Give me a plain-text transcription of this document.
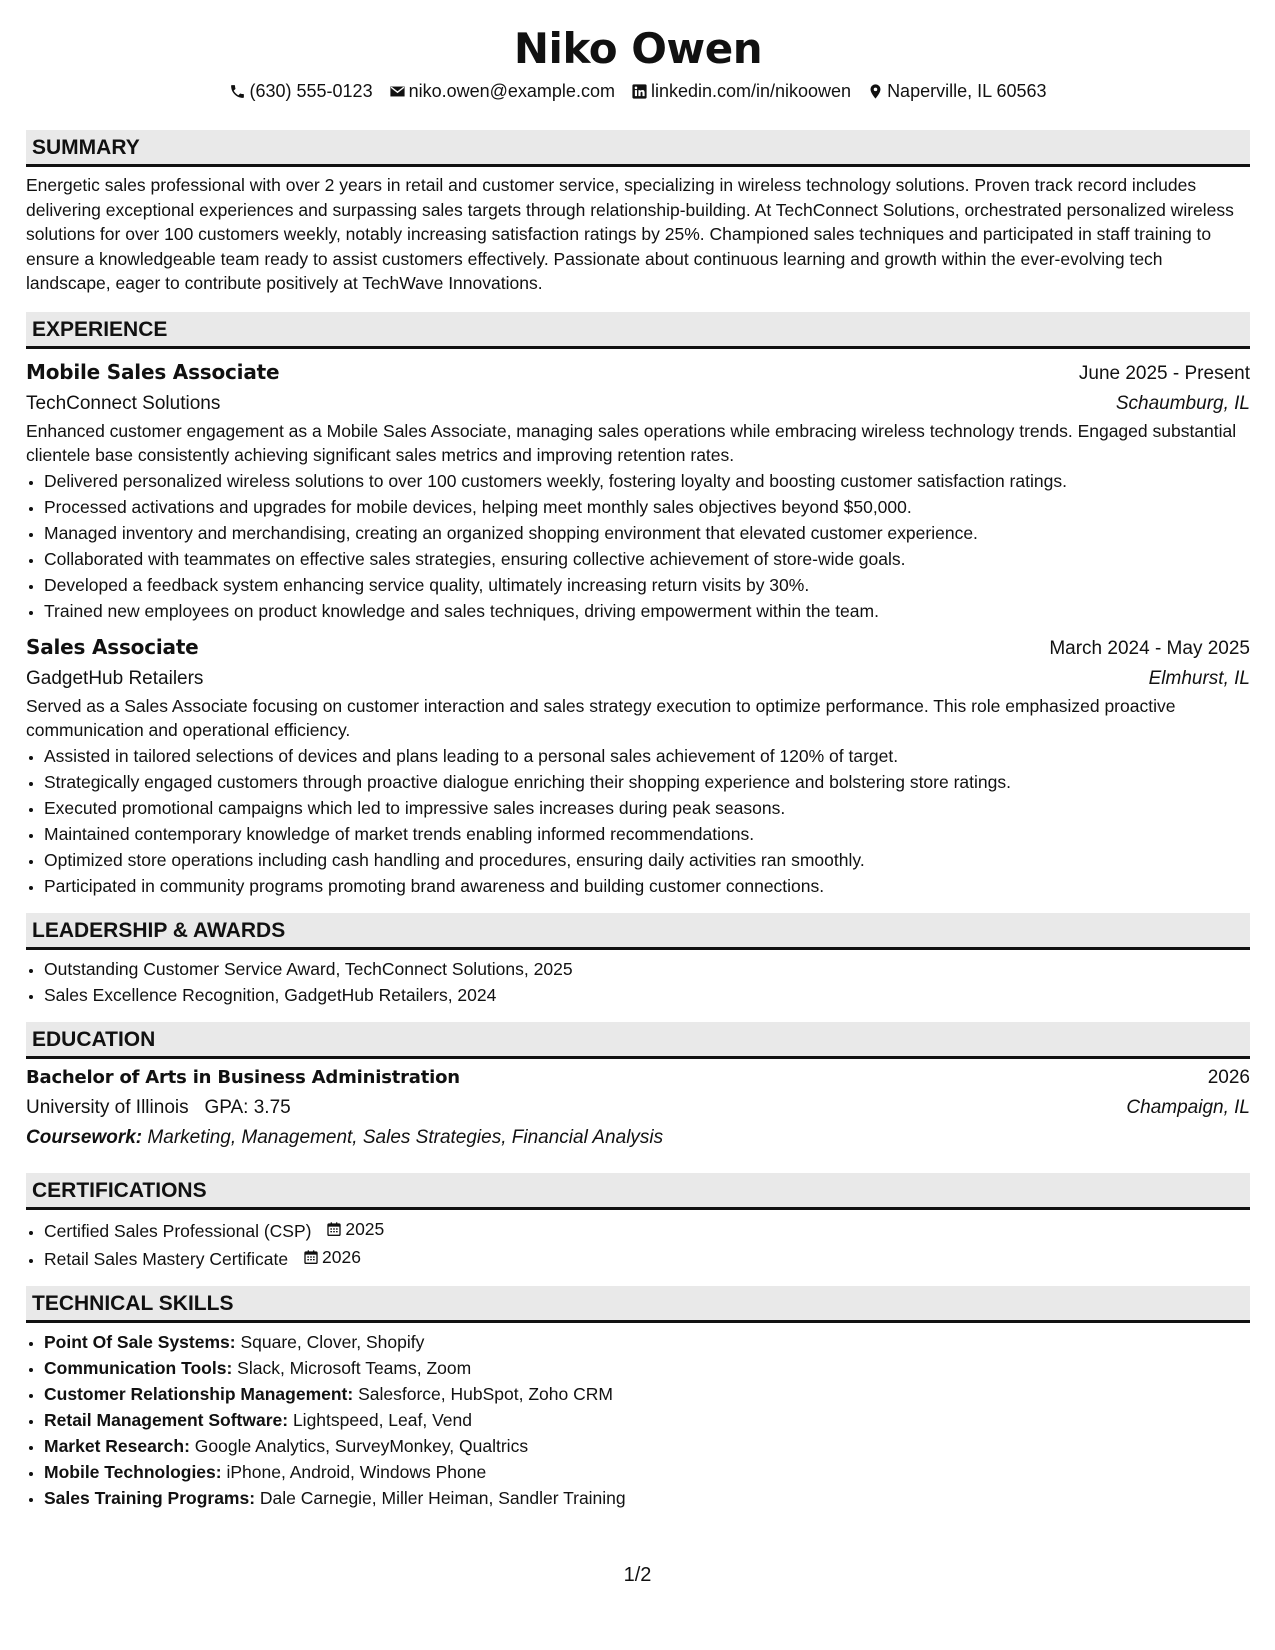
Niko Owen
(630) 555-0123 niko.owen@example.com linkedin.com/in/nikoowen Naperville, IL 60563
SUMMARY

Energetic sales professional with over 2 years in retail and customer service, specializing in wireless technology solutions. Proven track record includes delivering exceptional experiences and surpassing sales targets through relationship-building. At TechConnect Solutions, orchestrated personalized wireless solutions for over 100 customers weekly, notably increasing satisfaction ratings by 25%. Championed sales techniques and participated in staff training to ensure a knowledgeable team ready to assist customers effectively. Passionate about continuous learning and growth within the ever-evolving tech landscape, eager to contribute positively at TechWave Innovations.

EXPERIENCE
Mobile Sales Associate	June 2025 - Present
TechConnect Solutions	Schaumburg, IL

Enhanced customer engagement as a Mobile Sales Associate, managing sales operations while embracing wireless technology trends. Engaged substantial clientele base consistently achieving significant sales metrics and improving retention rates.

• Delivered personalized wireless solutions to over 100 customers weekly, fostering loyalty and boosting customer satisfaction ratings.
• Processed activations and upgrades for mobile devices, helping meet monthly sales objectives beyond $50,000.
• Managed inventory and merchandising, creating an organized shopping environment that elevated customer experience.
• Collaborated with teammates on effective sales strategies, ensuring collective achievement of store-wide goals.
• Developed a feedback system enhancing service quality, ultimately increasing return visits by 30%.
• Trained new employees on product knowledge and sales techniques, driving empowerment within the team.
Sales Associate	March 2024 - May 2025
GadgetHub Retailers	Elmhurst, IL

Served as a Sales Associate focusing on customer interaction and sales strategy execution to optimize performance. This role emphasized proactive communication and operational efficiency.

• Assisted in tailored selections of devices and plans leading to a personal sales achievement of 120% of target.
• Strategically engaged customers through proactive dialogue enriching their shopping experience and bolstering store ratings.
• Executed promotional campaigns which led to impressive sales increases during peak seasons.
• Maintained contemporary knowledge of market trends enabling informed recommendations.
• Optimized store operations including cash handling and procedures, ensuring daily activities ran smoothly.
• Participated in community programs promoting brand awareness and building customer connections.
LEADERSHIP & AWARDS
• Outstanding Customer Service Award, TechConnect Solutions, 2025
• Sales Excellence Recognition, GadgetHub Retailers, 2024
EDUCATION
Bachelor of Arts in Business Administration	2026
University of Illinois GPA: 3.75	Champaign, IL
Coursework: Marketing, Management, Sales Strategies, Financial Analysis
CERTIFICATIONS
• Certified Sales Professional (CSP) 2025
• Retail Sales Mastery Certificate 2026
TECHNICAL SKILLS
• Point Of Sale Systems: Square, Clover, Shopify
• Communication Tools: Slack, Microsoft Teams, Zoom
• Customer Relationship Management: Salesforce, HubSpot, Zoho CRM
• Retail Management Software: Lightspeed, Leaf, Vend
• Market Research: Google Analytics, SurveyMonkey, Qualtrics
• Mobile Technologies: iPhone, Android, Windows Phone
• Sales Training Programs: Dale Carnegie, Miller Heiman, Sandler Training
1/2
